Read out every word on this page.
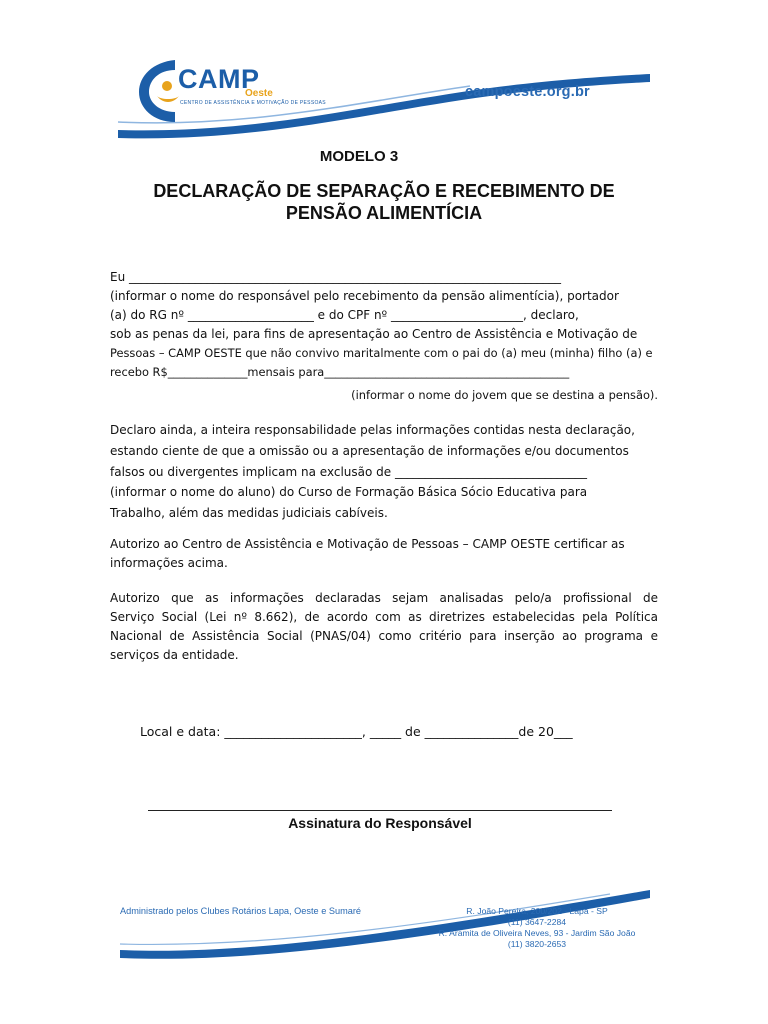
CAMP
Oeste
CENTRO DE ASSISTÊNCIA E MOTIVAÇÃO DE PESSOAS
campoeste.org.br
MODELO 3
DECLARAÇÃO DE SEPARAÇÃO E RECEBIMENTO DE
PENSÃO ALIMENTÍCIA
Eu ________________________________________________________________________
(informar o nome do responsável pelo recebimento da pensão alimentícia), portador
(a) do RG nº _____________________ e do CPF nº ______________________, declaro,
sob as penas da lei, para fins de apresentação ao Centro de Assistência e Motivação de
Pessoas – CAMP OESTE que não convivo maritalmente com o pai do (a) meu (minha) filho (a) e
recebo R$______________mensais para___________________________________________
(informar o nome do jovem que se destina a pensão).
Declaro ainda, a inteira responsabilidade pelas informações contidas nesta declaração,
estando ciente de que a omissão ou a apresentação de informações e/ou documentos
falsos ou divergentes implicam na exclusão de ________________________________
(informar o nome do aluno) do Curso de Formação Básica Sócio Educativa para
Trabalho, além das medidas judiciais cabíveis.
Autorizo ao Centro de Assistência e Motivação de Pessoas – CAMP OESTE certificar as
informações acima.
Autorizo que as informações declaradas sejam analisadas pelo/a profissional de
Serviço Social (Lei nº 8.662), de acordo com as diretrizes estabelecidas pela Política
Nacional de Assistência Social (PNAS/04) como critério para inserção ao programa e
serviços da entidade.
Local e data: ______________________, _____ de _______________de 20___
Assinatura do Responsável
Administrado pelos Clubes Rotários Lapa, Oeste e Sumaré	R. João Pereira, 200/202 - Lapa - SP
(11) 3647-2284
R. Aramita de Oliveira Neves, 93 - Jardim São João
(11) 3820-2653
